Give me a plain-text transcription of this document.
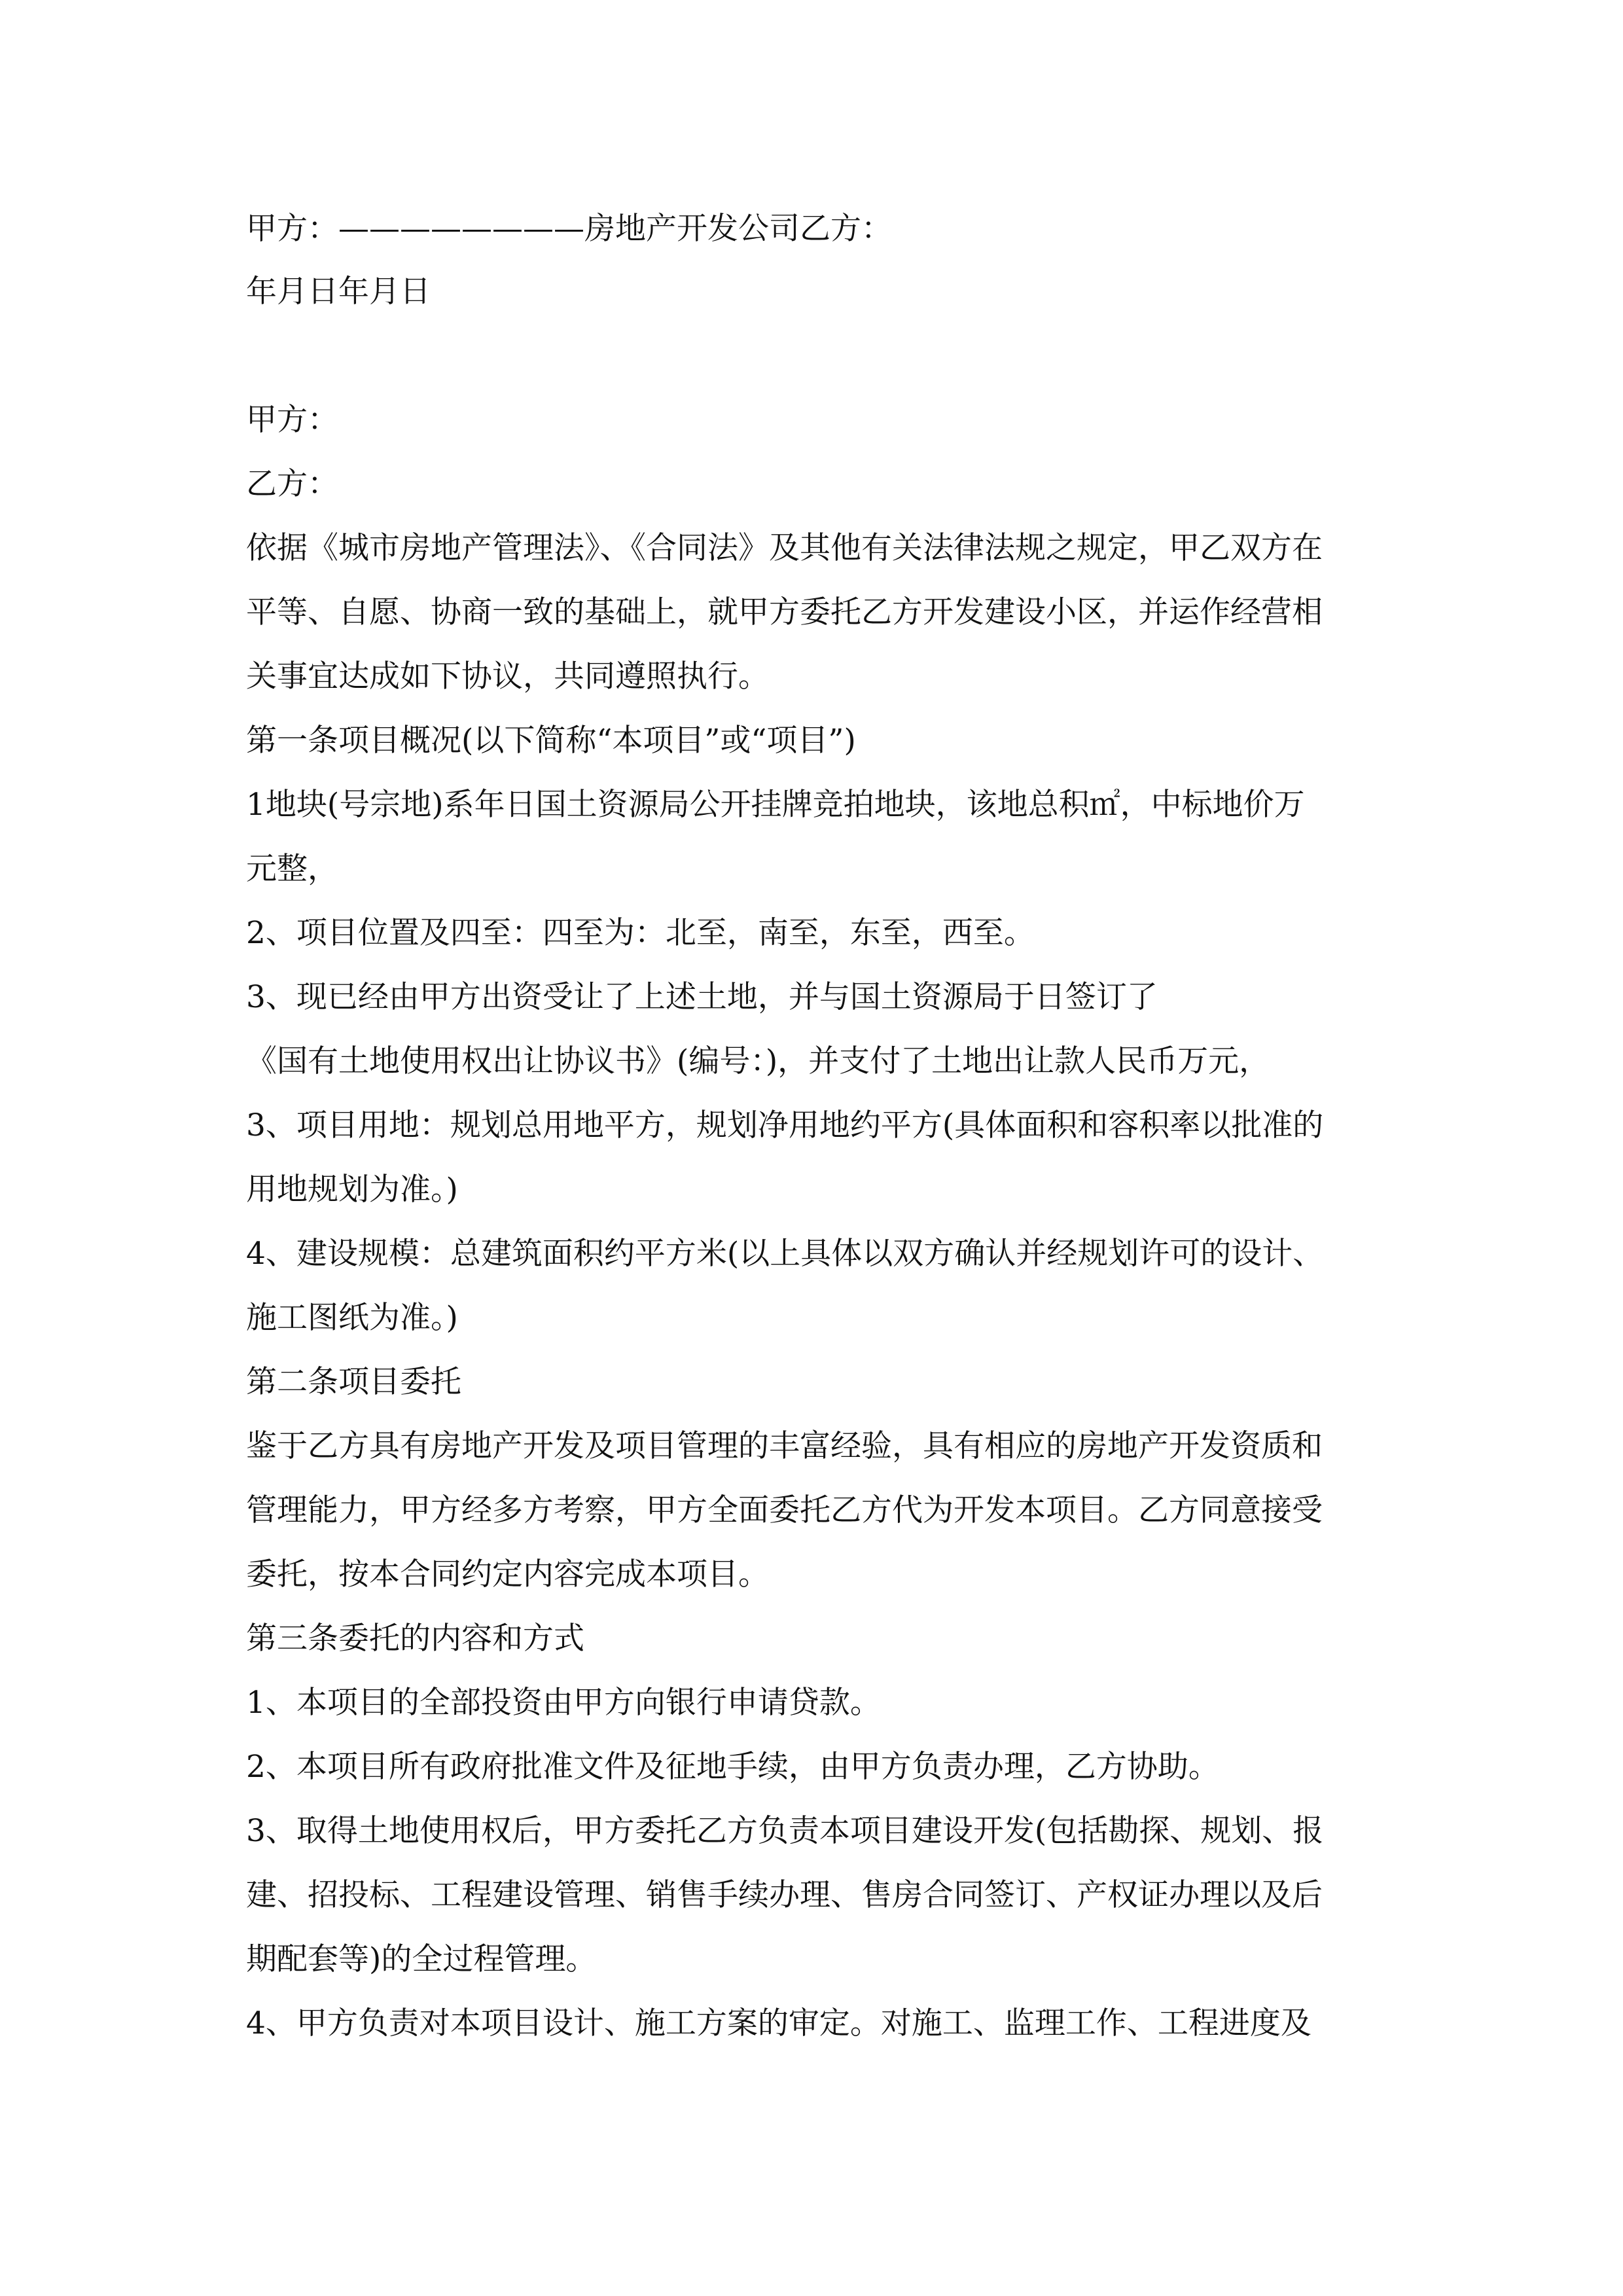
甲方：————————房地产开发公司乙方：
年月日年月日
甲方：
乙方：
依据《城市房地产管理法》、《合同法》及其他有关法律法规之规定，甲乙双方在
平等、自愿、协商一致的基础上，就甲方委托乙方开发建设小区，并运作经营相
关事宜达成如下协议，共同遵照执行。
第一条项目概况(以下简称“本项目”或“项目”)
1地块(号宗地)系年日国土资源局公开挂牌竞拍地块，该地总积㎡，中标地价万
元整，
2、项目位置及四至：四至为：北至，南至，东至，西至。
3、现已经由甲方出资受让了上述土地，并与国土资源局于日签订了
《国有土地使用权出让协议书》(编号：)，并支付了土地出让款人民币万元，
3、项目用地：规划总用地平方，规划净用地约平方(具体面积和容积率以批准的
用地规划为准。)
4、建设规模：总建筑面积约平方米(以上具体以双方确认并经规划许可的设计、
施工图纸为准。)
第二条项目委托
鉴于乙方具有房地产开发及项目管理的丰富经验，具有相应的房地产开发资质和
管理能力，甲方经多方考察，甲方全面委托乙方代为开发本项目。乙方同意接受
委托，按本合同约定内容完成本项目。
第三条委托的内容和方式
1、本项目的全部投资由甲方向银行申请贷款。
2、本项目所有政府批准文件及征地手续，由甲方负责办理，乙方协助。
3、取得土地使用权后，甲方委托乙方负责本项目建设开发(包括勘探、规划、报
建、招投标、工程建设管理、销售手续办理、售房合同签订、产权证办理以及后
期配套等)的全过程管理。
4、甲方负责对本项目设计、施工方案的审定。对施工、监理工作、工程进度及
